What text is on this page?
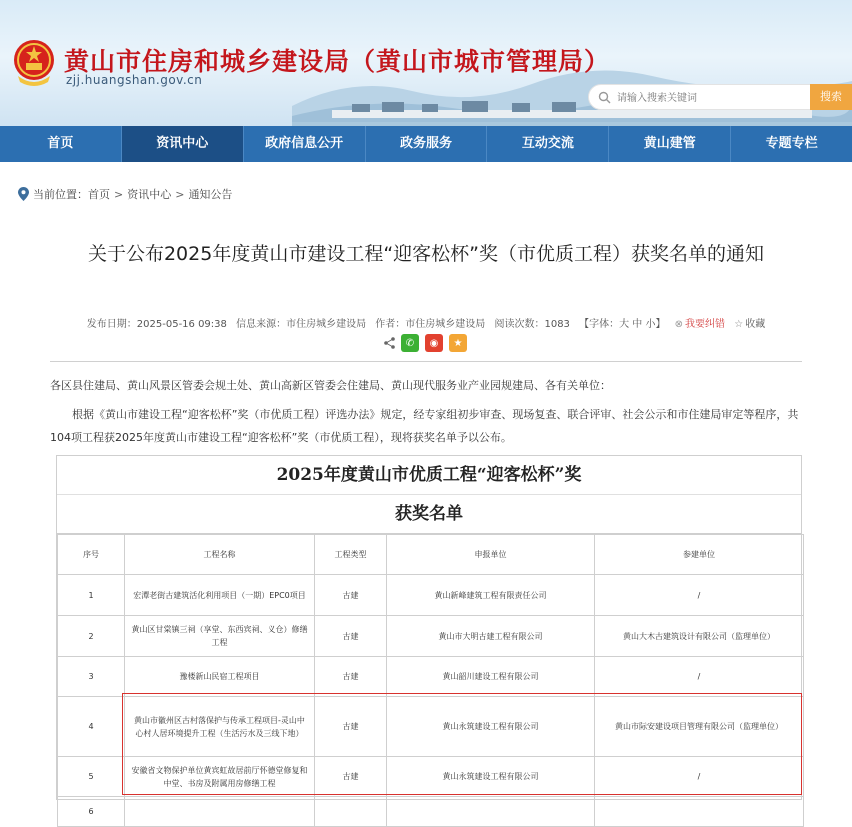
黄山市住房和城乡建设局（黄山市城市管理局）
zjj.huangshan.gov.cn
请输入搜索关键词
搜索
首页	资讯中心	政府信息公开	政务服务	互动交流	黄山建管	专题专栏
当前位置： 首页 > 资讯中心 > 通知公告
关于公布2025年度黄山市建设工程“迎客松杯”奖（市优质工程）获奖名单的通知
发布日期：2025-05-16 09:38 信息来源：市住房城乡建设局 作者：市住房城乡建设局 阅读次数：1083 【字体：大 中 小】 ⊗ 我要纠错 ☆ 收藏
✆	◉	★
各区县住建局、黄山风景区管委会规土处、黄山高新区管委会住建局、黄山现代服务业产业园规建局、各有关单位：
根据《黄山市建设工程“迎客松杯”奖（市优质工程）评选办法》规定，经专家组初步审查、现场复查、联合评审、社会公示和市住建局审定等程序，共104项工程获2025年度黄山市建设工程“迎客松杯”奖（市优质工程），现将获奖名单予以公布。
2025年度黄山市优质工程“迎客松杯”奖
获奖名单
序号	工程名称	工程类型	申报单位	参建单位
1	宏潭老街古建筑活化利用项目（一期）EPC0项目	古建	黄山新峰建筑工程有限责任公司	/
2	黄山区甘棠镇三祠（享堂、东西宾祠、义仓）修缮工程	古建	黄山市大明古建工程有限公司	黄山大木古建筑设计有限公司（监理单位）
3	豫楼新山民宿工程项目	古建	黄山韶川建设工程有限公司	/
4	黄山市徽州区古村落保护与传承工程项目-灵山中心村人居环境提升工程（生活污水及三线下地）	古建	黄山永筑建设工程有限公司	黄山市际安建设项目管理有限公司（监理单位）
5	安徽省文物保护单位黄宾虹故居前厅怀德堂修复和中堂、书房及附属用房修缮工程	古建	黄山永筑建设工程有限公司	/
6				
